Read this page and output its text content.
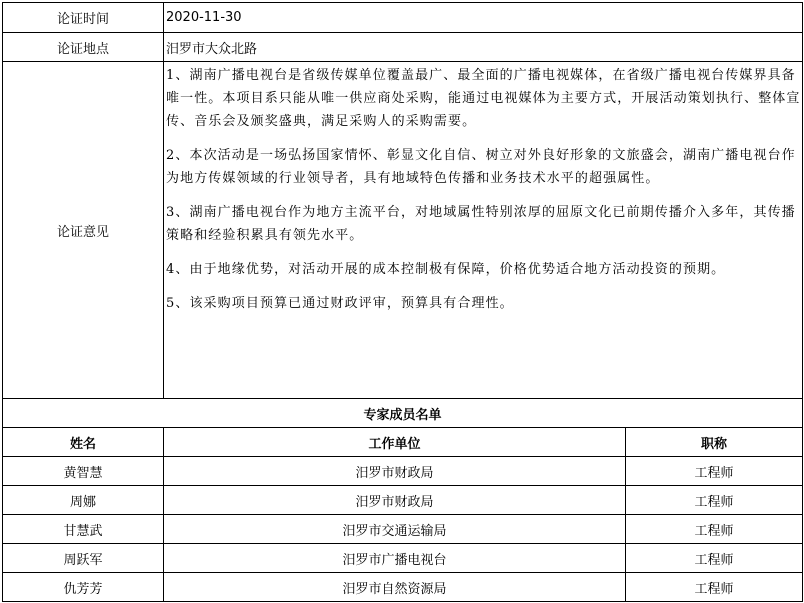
论证时间	2020-11-30	
论证地点	汨罗市大众北路	
论证意见	1、湖南广播电视台是省级传媒单位覆盖最广、最全面的广播电视媒体，在省级广播电视台传媒界具备唯一性。本项目系只能从唯一供应商处采购，能通过电视媒体为主要方式，开展活动策划执行、整体宣传、音乐会及颁奖盛典，满足采购人的采购需要。

2、本次活动是一场弘扬国家情怀、彰显文化自信、树立对外良好形象的文旅盛会，湖南广播电视台作为地方传媒领域的行业领导者，具有地域特色传播和业务技术水平的超强属性。

3、湖南广播电视台作为地方主流平台，对地域属性特别浓厚的屈原文化已前期传播介入多年，其传播策略和经验积累具有领先水平。

4、由于地缘优势，对活动开展的成本控制极有保障，价格优势适合地方活动投资的预期。

5、该采购项目预算已通过财政评审，预算具有合理性。	

专家成员名单		
姓名	工作单位	职称
黄智慧	汨罗市财政局	工程师
周娜	汨罗市财政局	工程师
甘慧武	汨罗市交通运输局	工程师
周跃军	汨罗市广播电视台	工程师
仇芳芳	汨罗市自然资源局	工程师
